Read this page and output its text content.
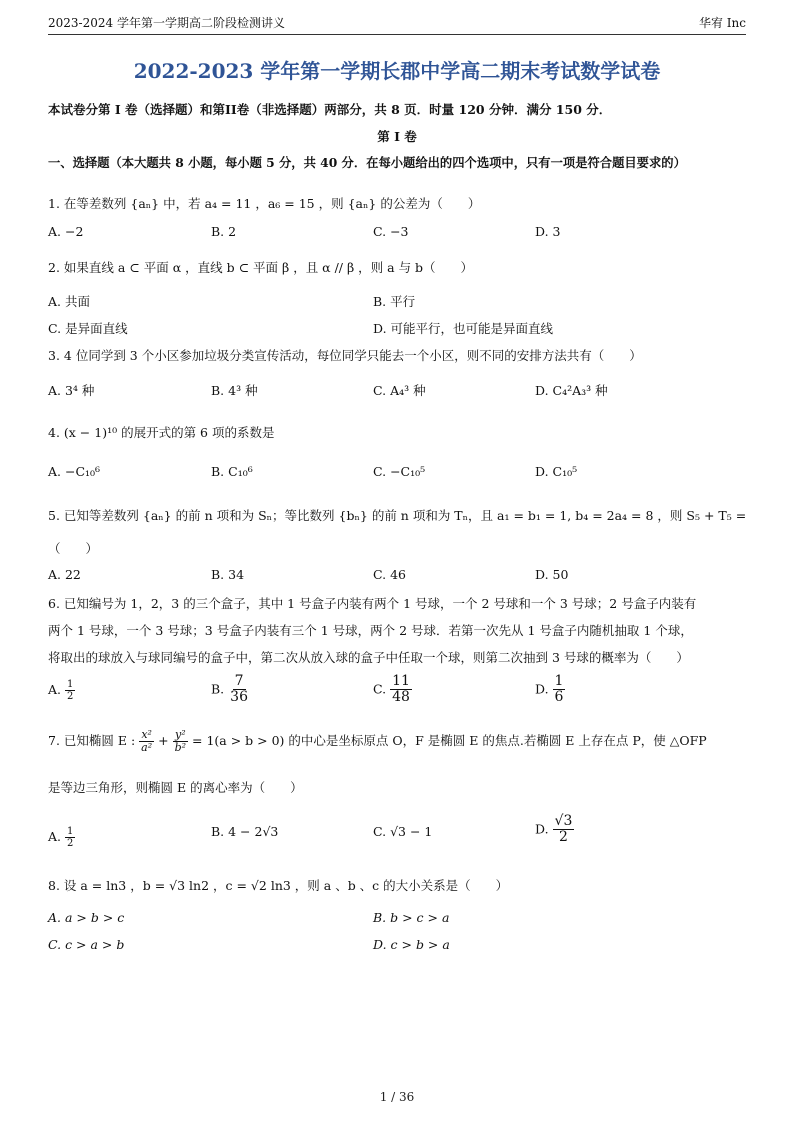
2023-2024 学年第一学期高二阶段检测讲义	华宥 Inc
2022-2023 学年第一学期长郡中学高二期末考试数学试卷
本试卷分第 I 卷（选择题）和第II卷（非选择题）两部分，共 8 页．时量 120 分钟．满分 150 分．
第 I 卷
一、选择题（本大题共 8 小题，每小题 5 分，共 40 分．在每小题给出的四个选项中，只有一项是符合题目要求的）
1. 在等差数列 {aₙ} 中，若 a₄ = 11 ，a₆ = 15 ，则 {aₙ} 的公差为（　　）
A. −2	B. 2	C. −3	D. 3
2. 如果直线 a ⊂ 平面 α ，直线 b ⊂ 平面 β ，且 α // β ，则 a 与 b（　　）
A. 共面	B. 平行
C. 是异面直线	D. 可能平行，也可能是异面直线
3. 4 位同学到 3 个小区参加垃圾分类宣传活动，每位同学只能去一个小区，则不同的安排方法共有（　　）
A. 3⁴ 种	B. 4³ 种	C. A₄³ 种	D. C₄²A₃³ 种
4. (x − 1)¹⁰ 的展开式的第 6 项的系数是
A. −C₁₀⁶	B. C₁₀⁶	C. −C₁₀⁵	D. C₁₀⁵
5. 已知等差数列 {aₙ} 的前 n 项和为 Sₙ；等比数列 {bₙ} 的前 n 项和为 Tₙ，且 a₁ = b₁ = 1, b₄ = 2a₄ = 8 ，则 S₅ + T₅ =
（　　）
A. 22	B. 34	C. 46	D. 50
6. 已知编号为 1，2，3 的三个盒子，其中 1 号盒子内装有两个 1 号球，一个 2 号球和一个 3 号球；2 号盒子内装有
两个 1 号球，一个 3 号球；3 号盒子内装有三个 1 号球，两个 2 号球．若第一次先从 1 号盒子内随机抽取 1 个球，
将取出的球放入与球同编号的盒子中，第二次从放入球的盒子中任取一个球，则第二次抽到 3 号球的概率为（　　）
A. $\frac{1}{2}$	B. $\frac{7}{36}$	C. $\frac{11}{48}$	D. $\frac{1}{6}$
7. 已知椭圆 E : $\frac{\text{x²}}{\text{a²}} + \frac{\text{y²}}{\text{b²}} = 1(a > b > 0)$ 的中心是坐标原点 O，F 是椭圆 E 的焦点.若椭圆 E 上存在点 P，使 △OFP
是等边三角形，则椭圆 E 的离心率为（　　）
A. $\frac{1}{2}$	B. 4 − 2√3	C. √3 − 1	D. $\frac{√3}{2}$
8. 设 a = ln3 ，b = √3 ln2 ，c = √2 ln3 ，则 a 、b 、c 的大小关系是（　　）
A. a > b > c	B. b > c > a
C. c > a > b	D. c > b > a
1 / 36
